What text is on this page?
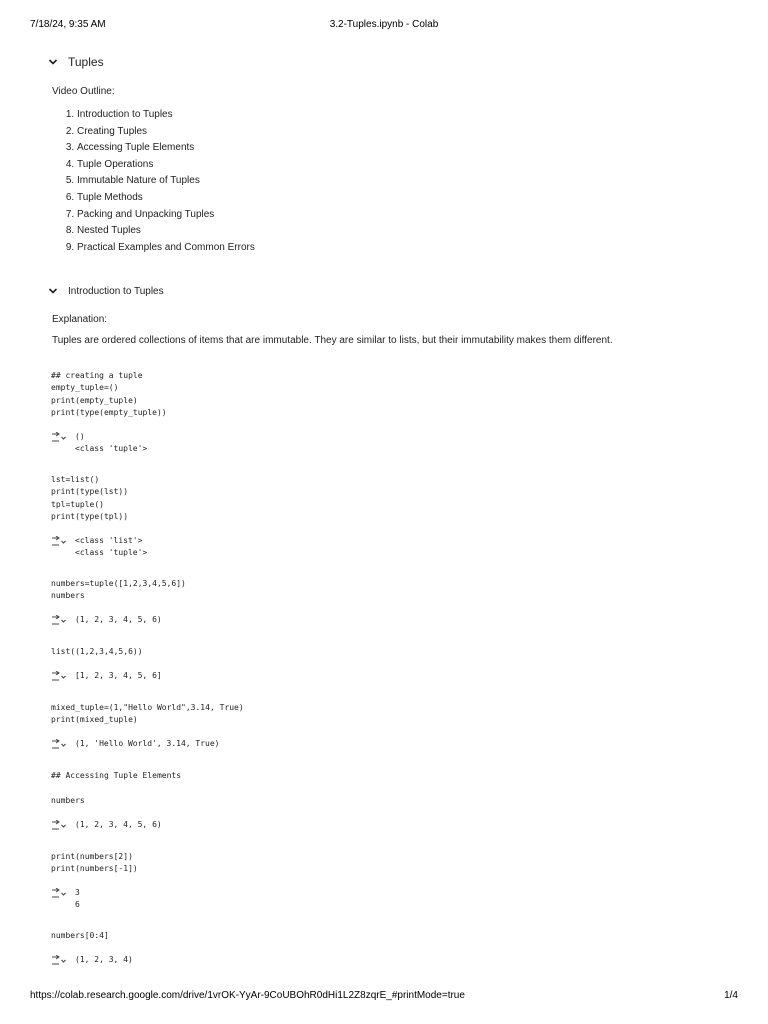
7/18/24, 9:35 AM	3.2-Tuples.ipynb - Colab
Tuples
Video Outline:
1. Introduction to Tuples
2. Creating Tuples
3. Accessing Tuple Elements
4. Tuple Operations
5. Immutable Nature of Tuples
6. Tuple Methods
7. Packing and Unpacking Tuples
8. Nested Tuples
9. Practical Examples and Common Errors
Introduction to Tuples
Explanation:
Tuples are ordered collections of items that are immutable. They are similar to lists, but their immutability makes them different.
## creating a tuple
empty_tuple=()
print(empty_tuple)
print(type(empty_tuple))
()
<class 'tuple'>
lst=list()
print(type(lst))
tpl=tuple()
print(type(tpl))
<class 'list'>
<class 'tuple'>
numbers=tuple([1,2,3,4,5,6])
numbers
(1, 2, 3, 4, 5, 6)
list((1,2,3,4,5,6))
[1, 2, 3, 4, 5, 6]
mixed_tuple=(1,"Hello World",3.14, True)
print(mixed_tuple)
(1, 'Hello World', 3.14, True)
## Accessing Tuple Elements
numbers
(1, 2, 3, 4, 5, 6)
print(numbers[2])
print(numbers[-1])
3
6
numbers[0:4]
(1, 2, 3, 4)
https://colab.research.google.com/drive/1vrOK-YyAr-9CoUBOhR0dHi1L2Z8zqrE_#printMode=true	1/4
